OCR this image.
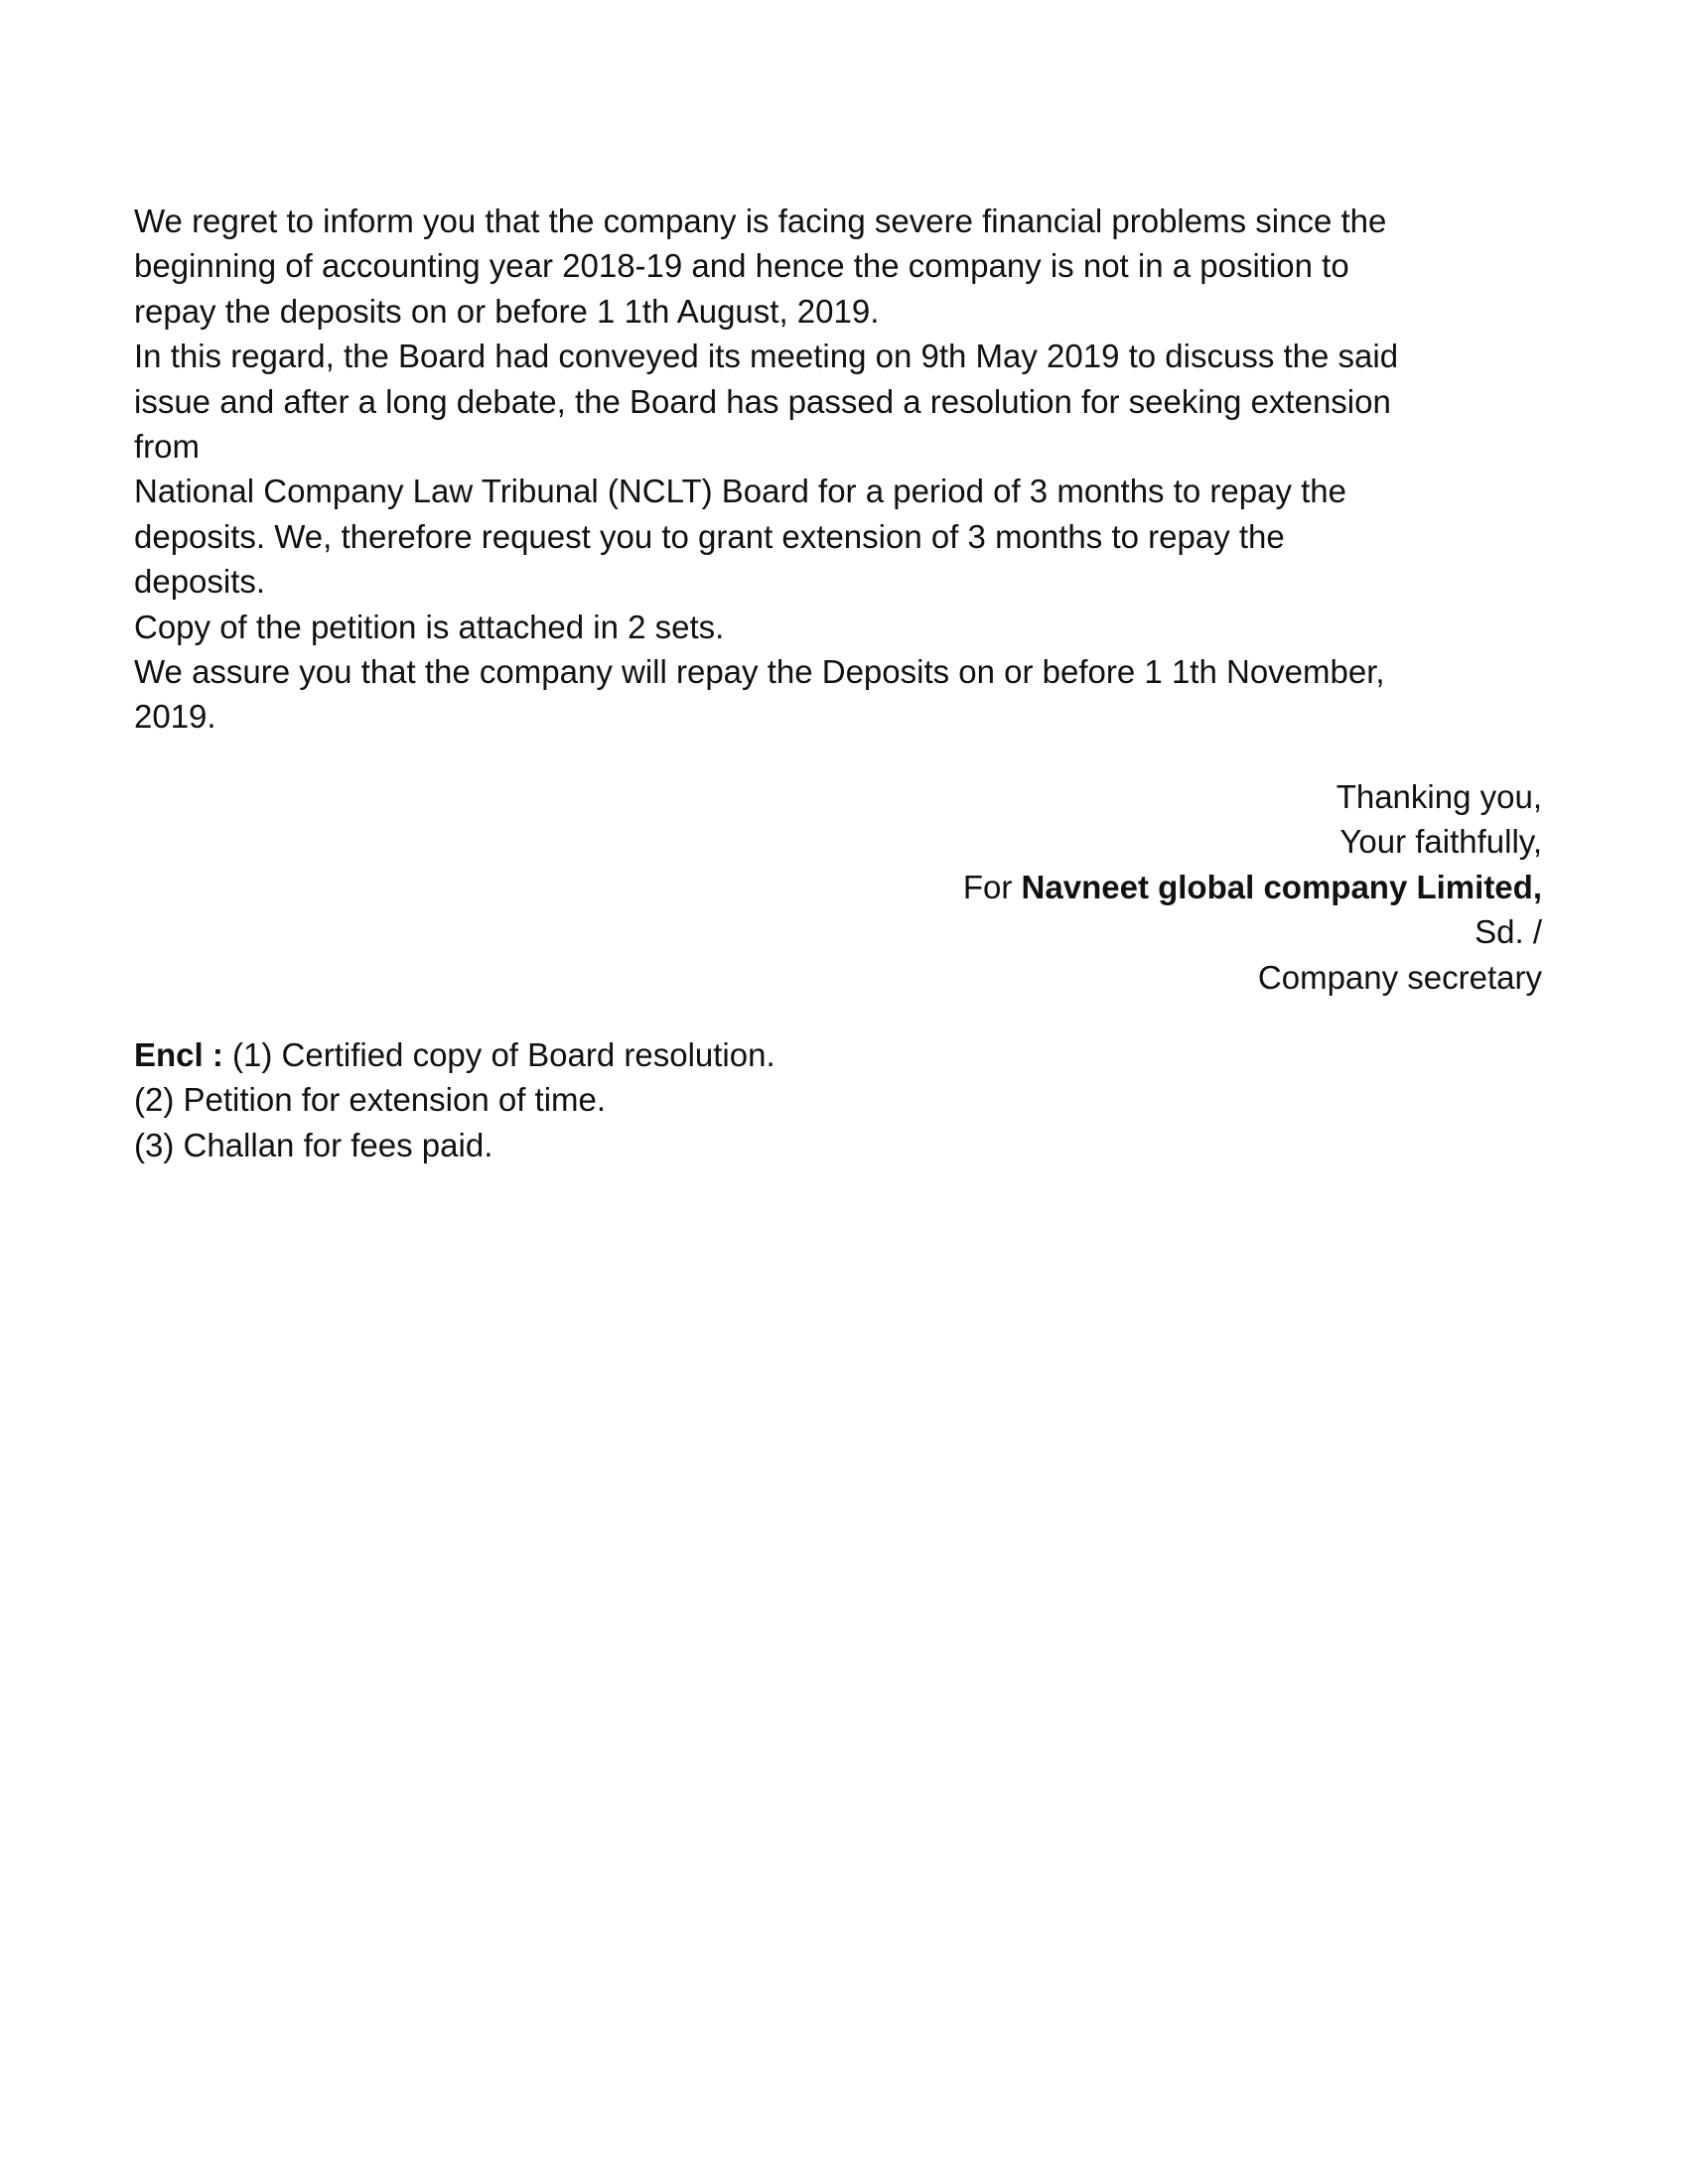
We regret to inform you that the company is facing severe financial problems since the
beginning of accounting year 2018-19 and hence the company is not in a position to
repay the deposits on or before 1 1th August, 2019.
In this regard, the Board had conveyed its meeting on 9th May 2019 to discuss the said
issue and after a long debate, the Board has passed a resolution for seeking extension
from
National Company Law Tribunal (NCLT) Board for a period of 3 months to repay the
deposits. We, therefore request you to grant extension of 3 months to repay the
deposits.
Copy of the petition is attached in 2 sets.
We assure you that the company will repay the Deposits on or before 1 1th November,
2019.
Thanking you,
Your faithfully,
For Navneet global company Limited,
Sd. /
Company secretary
Encl : (1) Certified copy of Board resolution.
(2) Petition for extension of time.
(3) Challan for fees paid.
